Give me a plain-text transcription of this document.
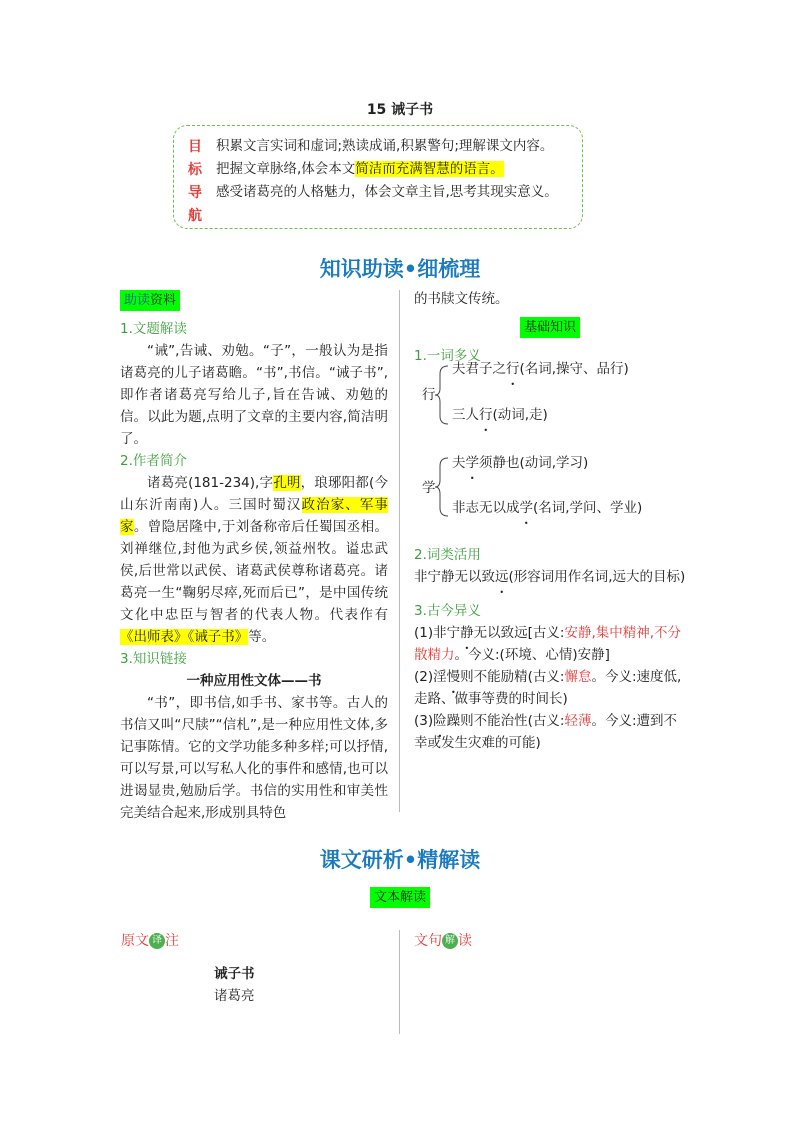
15 诫子书
目
标
导
航
积累文言实词和虚词;熟读成诵,积累警句;理解课文内容。
把握文章脉络,体会本文简洁而充满智慧的语言。
感受诸葛亮的人格魅力，体会文章主旨,思考其现实意义。
知识助读•细梳理
助读资料
1.文题解读

“诫”,告诫、劝勉。“子”，一般认为是指诸葛亮的儿子诸葛瞻。“书”,书信。“诫子书”,即作者诸葛亮写给儿子,旨在告诫、劝勉的信。以此为题,点明了文章的主要内容,简洁明了。

2.作者简介

诸葛亮(181-234),字孔明，琅琊阳都(今山东沂南南)人。三国时蜀汉政治家、军事家。曾隐居隆中,于刘备称帝后任蜀国丞相。刘禅继位,封他为武乡侯,领益州牧。谥忠武侯,后世常以武侯、诸葛武侯尊称诸葛亮。诸葛亮一生“鞠躬尽瘁,死而后已”，是中国传统文化中忠臣与智者的代表人物。代表作有《出师表》《诫子书》等。

3.知识链接
一种应用性文体——书

“书”，即书信,如手书、家书等。古人的书信又叫“尺牍”“信札”,是一种应用性文体,多记事陈情。它的文学功能多种多样;可以抒情,可以写景,可以写私人化的事件和感情,也可以进谒显贵,勉励后学。书信的实用性和审美性完美结合起来,形成别具特色

的书牍文传统。
基础知识
1.一词多义
行
夫君子之行(名词,操守、品行)
三人行(动词,走)
学
夫学须静也(动词,学习)
非志无以成学(名词,学问、学业)
2.词类活用
非宁静无以致远(形容词用作名词,远大的目标)
3.古今异义
(1)非宁静无以致远[古义:安静,集中精神,不分散精力。今义:(环境、心情)安静]
(2)淫慢则不能励精(古义:懈怠。今义:速度低,走路、做事等费的时间长)
(3)险躁则不能治性(古义:轻薄。今义:遭到不幸或发生灾难的可能)
课文研析•精解读
文本解读
原文 译 注	文句 解 读
诫子书
诸葛亮
